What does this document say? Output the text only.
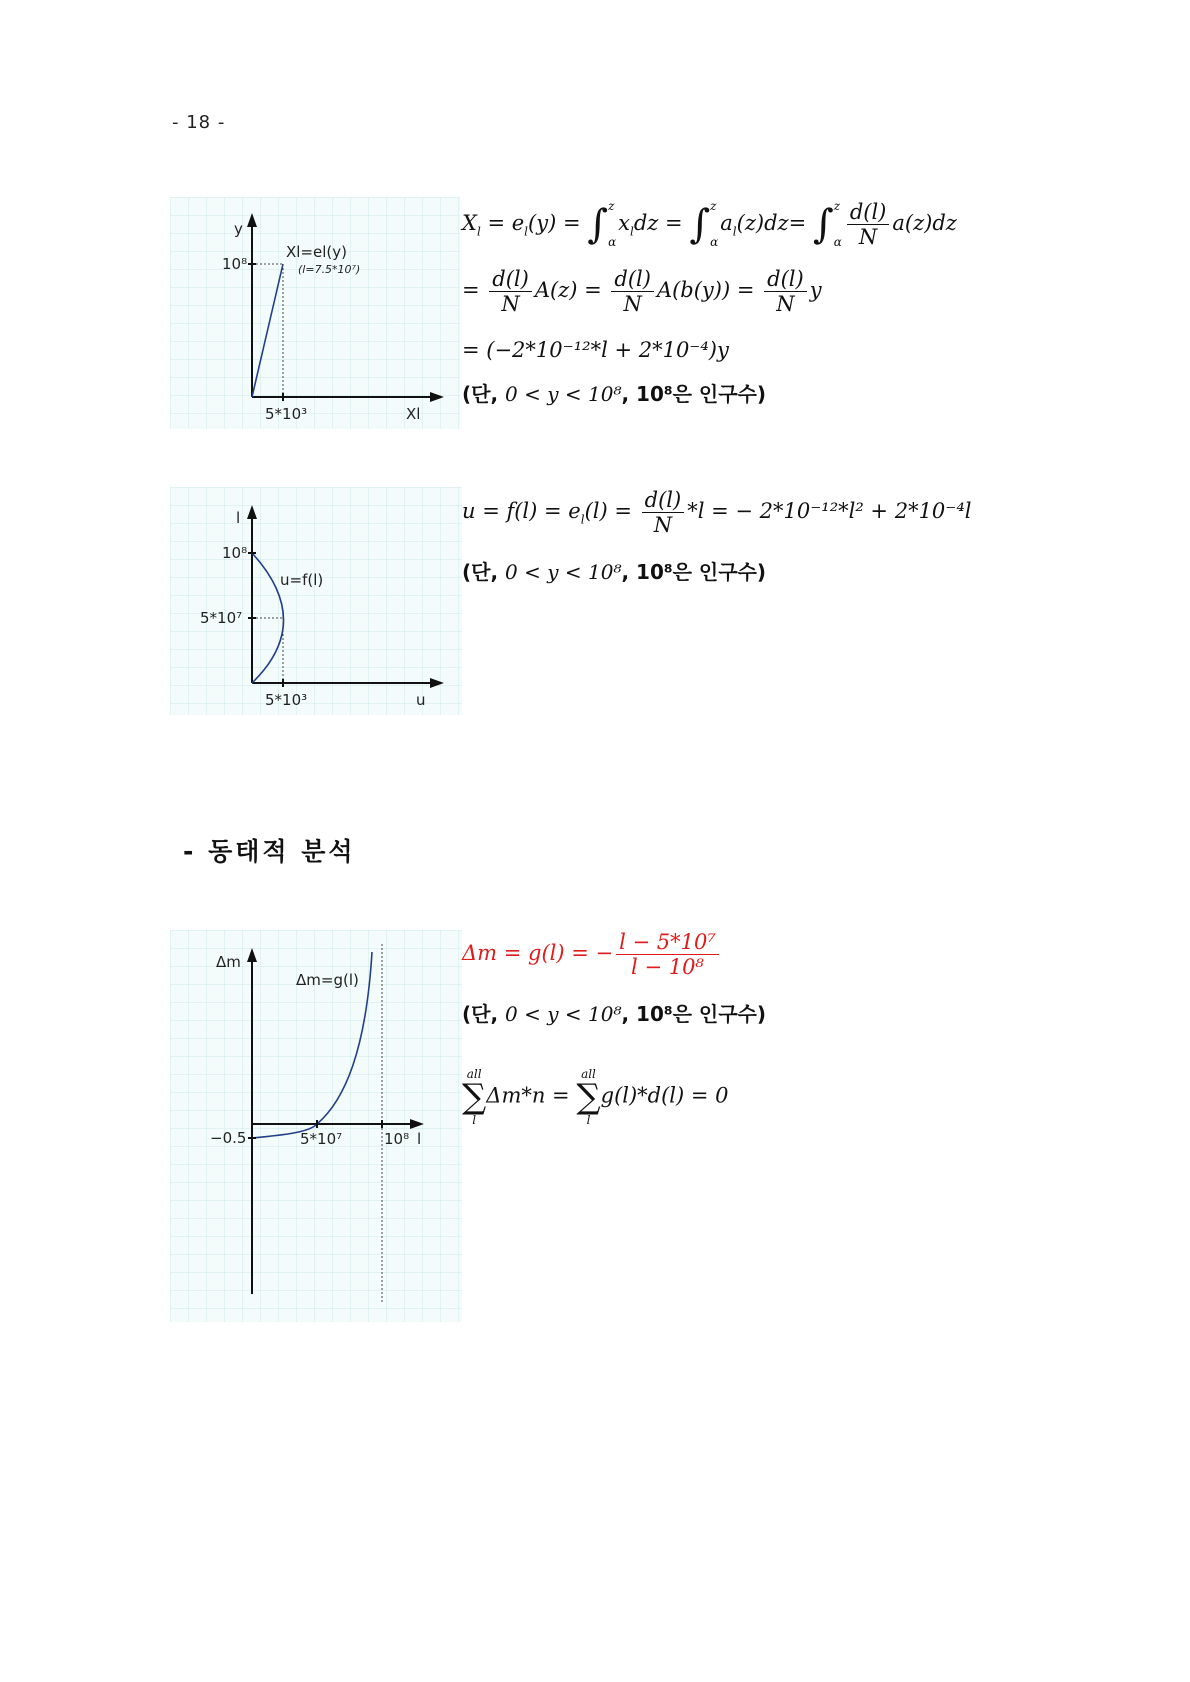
- 18 -
y
10⁸
5*10³	Xl
Xl=el(y)
(l=7.5*10⁷)
$X_l = e_l(y)$ = ∫ z
α
$x_ldz$ = ∫ z
α
$a_l(z)dz=$ ∫ z
α $\frac{d(l)}{N} a(z)dz$
= $\frac{d(l)}{N} A(z) = \frac{d(l)}{N} A(b(y)) = \frac{d(l)}{N}$ y
= (−2*10⁻¹²*l + 2*10⁻⁴)y
(단, 0 < y < 10⁸, 10⁸은 인구수)
l
10⁸
5*10⁷
5*10³	u
u=f(l)
$u = f(l) = e_l(l) = \frac{d(l)}{N} *l$ = − 2*10⁻¹²*l² + 2*10⁻⁴l
(단, 0 < y < 10⁸, 10⁸은 인구수)
- 동태적 분석
Δm
−0.5	5*10⁷	10⁸ l
Δm=g(l)
Δm = g(l) = − $\frac{\text{l − 5*10⁷}}{\text{l − 10⁸}}$
(단, 0 < y < 10⁸, 10⁸은 인구수)
all
∑
l
Δm*n =
all
∑
l
g(l)*d(l) = 0
